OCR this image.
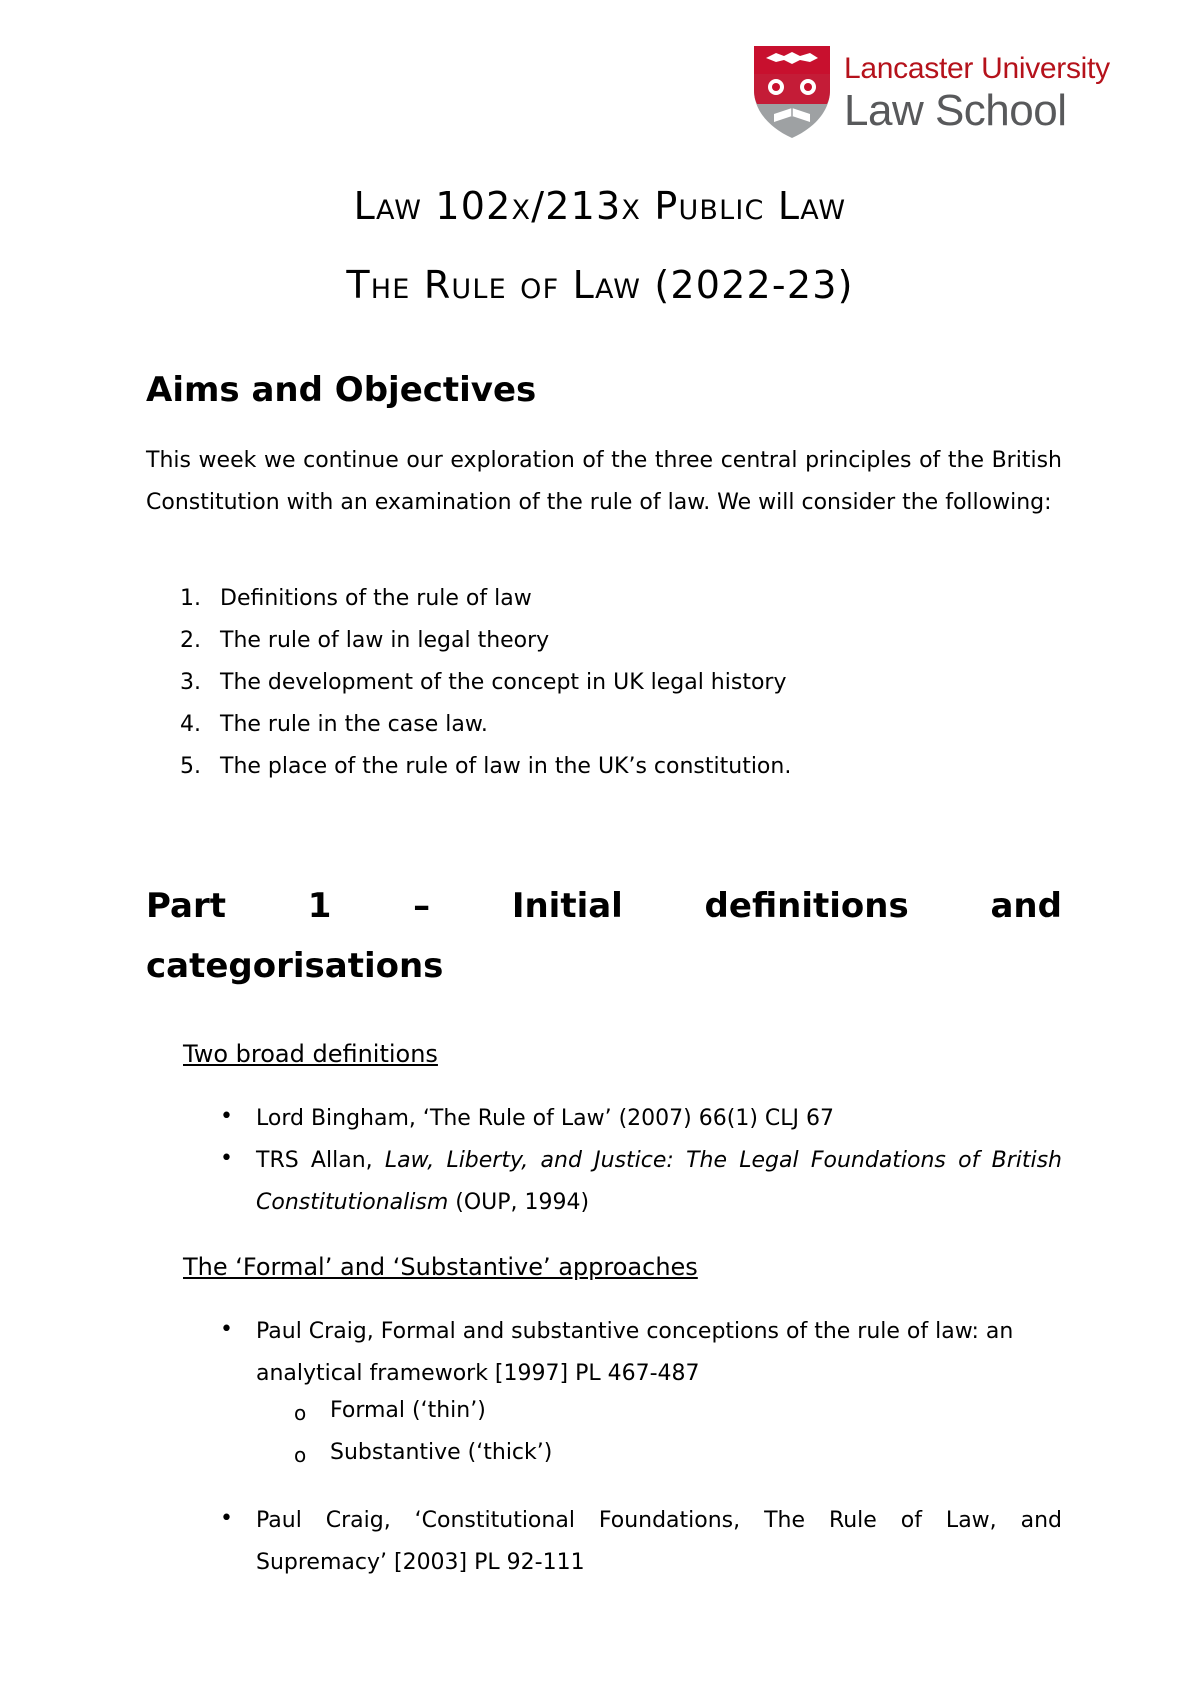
Lancaster University
Law School
Law 102x/213x Public Law
The Rule of Law (2022-23)
Aims and Objectives
This week we continue our exploration of the three central principles of the British Constitution with an examination of the rule of law. We will consider the following:
1. Definitions of the rule of law
2. The rule of law in legal theory
3. The development of the concept in UK legal history
4. The rule in the case law.
5. The place of the rule of law in the UK’s constitution.
Part 1 – Initial definitions and
categorisations
Two broad definitions
• Lord Bingham, ‘The Rule of Law’ (2007) 66(1) CLJ 67
• TRS Allan, Law, Liberty, and Justice: The Legal Foundations of British Constitutionalism (OUP, 1994)
The ‘Formal’ and ‘Substantive’ approaches
• Paul Craig, Formal and substantive conceptions of the rule of law: an analytical framework [1997] PL 467-487
o Formal (‘thin’)
o Substantive (‘thick’)
• Paul Craig, ‘Constitutional Foundations, The Rule of Law, and Supremacy’ [2003] PL 92-111
